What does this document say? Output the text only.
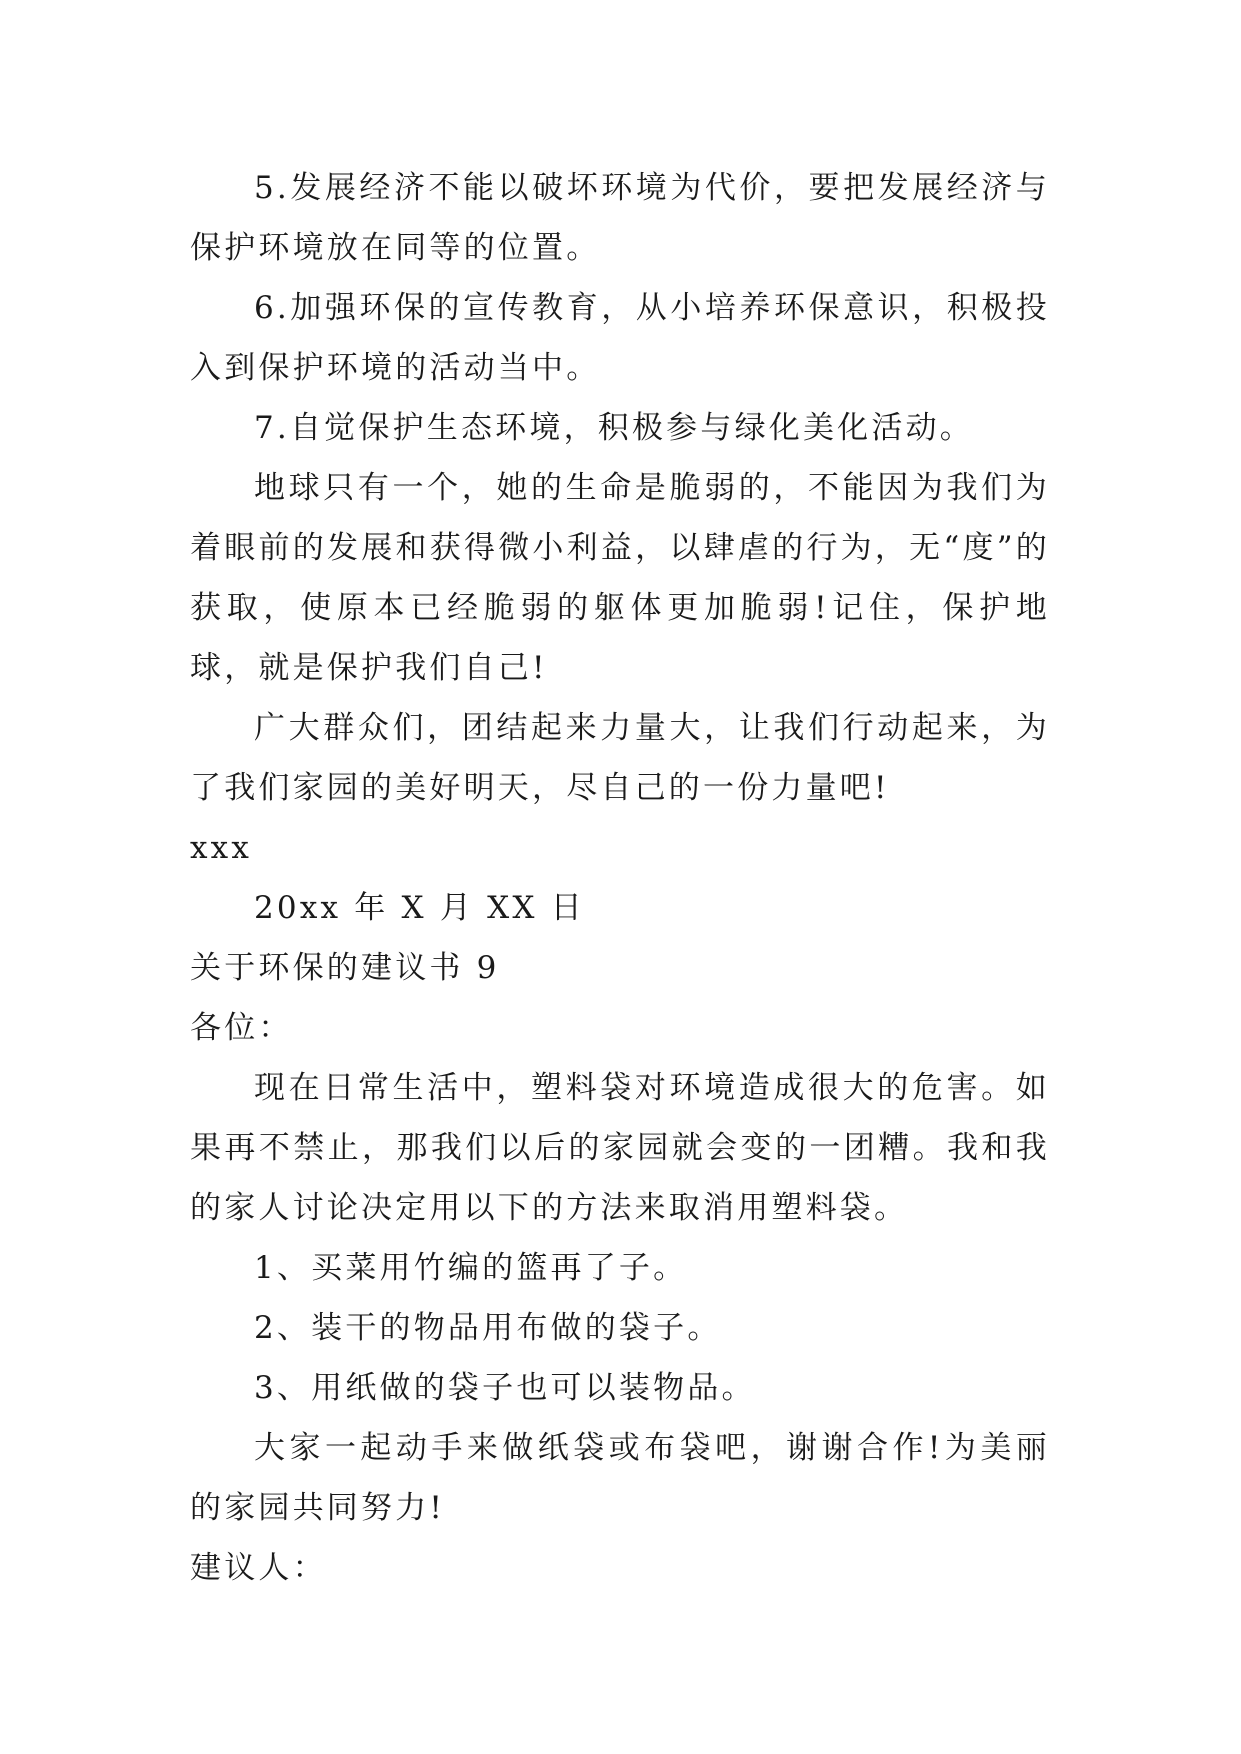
5.发展经济不能以破坏环境为代价，要把发展经济与保护环境放在同等的位置。

6.加强环保的宣传教育，从小培养环保意识，积极投入到保护环境的活动当中。

7.自觉保护生态环境，积极参与绿化美化活动。

地球只有一个，她的生命是脆弱的，不能因为我们为着眼前的发展和获得微小利益，以肆虐的行为，无“度”的获取，使原本已经脆弱的躯体更加脆弱!记住，保护地球，就是保护我们自己!

广大群众们，团结起来力量大，让我们行动起来，为了我们家园的美好明天，尽自己的一份力量吧!

xxx

20xx 年 X 月 XX 日

关于环保的建议书 9

各位：

现在日常生活中，塑料袋对环境造成很大的危害。如果再不禁止，那我们以后的家园就会变的一团糟。我和我的家人讨论决定用以下的方法来取消用塑料袋。

1、买菜用竹编的篮再了子。

2、装干的物品用布做的袋子。

3、用纸做的袋子也可以装物品。

大家一起动手来做纸袋或布袋吧，谢谢合作!为美丽的家园共同努力!

建议人：
